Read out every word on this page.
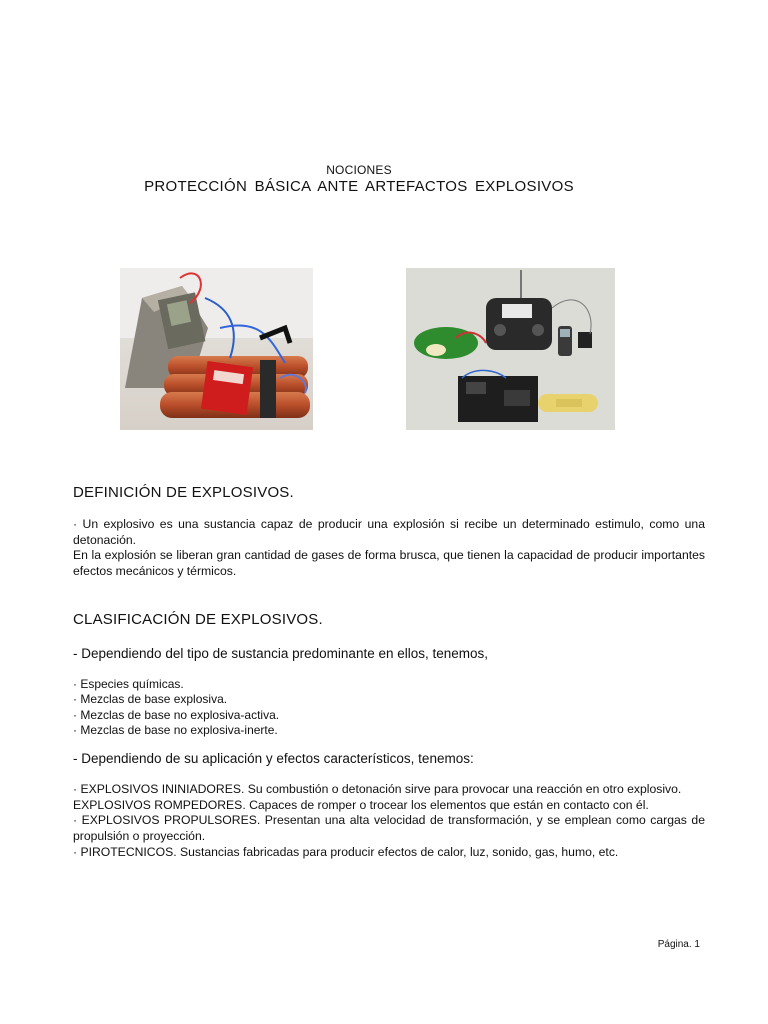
NOCIONES
PROTECCIÓN BÁSICA ANTE ARTEFACTOS EXPLOSIVOS
DEFINICIÓN DE EXPLOSIVOS.
· Un explosivo es una sustancia capaz de producir una explosión si recibe un determinado estimulo, como una detonación.
En la explosión se liberan gran cantidad de gases de forma brusca, que tienen la capacidad de producir importantes efectos mecánicos y térmicos.
CLASIFICACIÓN DE EXPLOSIVOS.
- Dependiendo del tipo de sustancia predominante en ellos, tenemos,
· Especies químicas.
· Mezclas de base explosiva.
· Mezclas de base no explosiva-activa.
· Mezclas de base no explosiva-inerte.
- Dependiendo de su aplicación y efectos característicos, tenemos:

· EXPLOSIVOS ININIADORES. Su combustión o detonación sirve para provocar una reacción en otro explosivo.

EXPLOSIVOS ROMPEDORES. Capaces de romper o trocear los elementos que están en contacto con él.

· EXPLOSIVOS PROPULSORES. Presentan una alta velocidad de transformación, y se emplean como cargas de propulsión o proyección.

· PIROTECNICOS. Sustancias fabricadas para producir efectos de calor, luz, sonido, gas, humo, etc.

Página. 1
